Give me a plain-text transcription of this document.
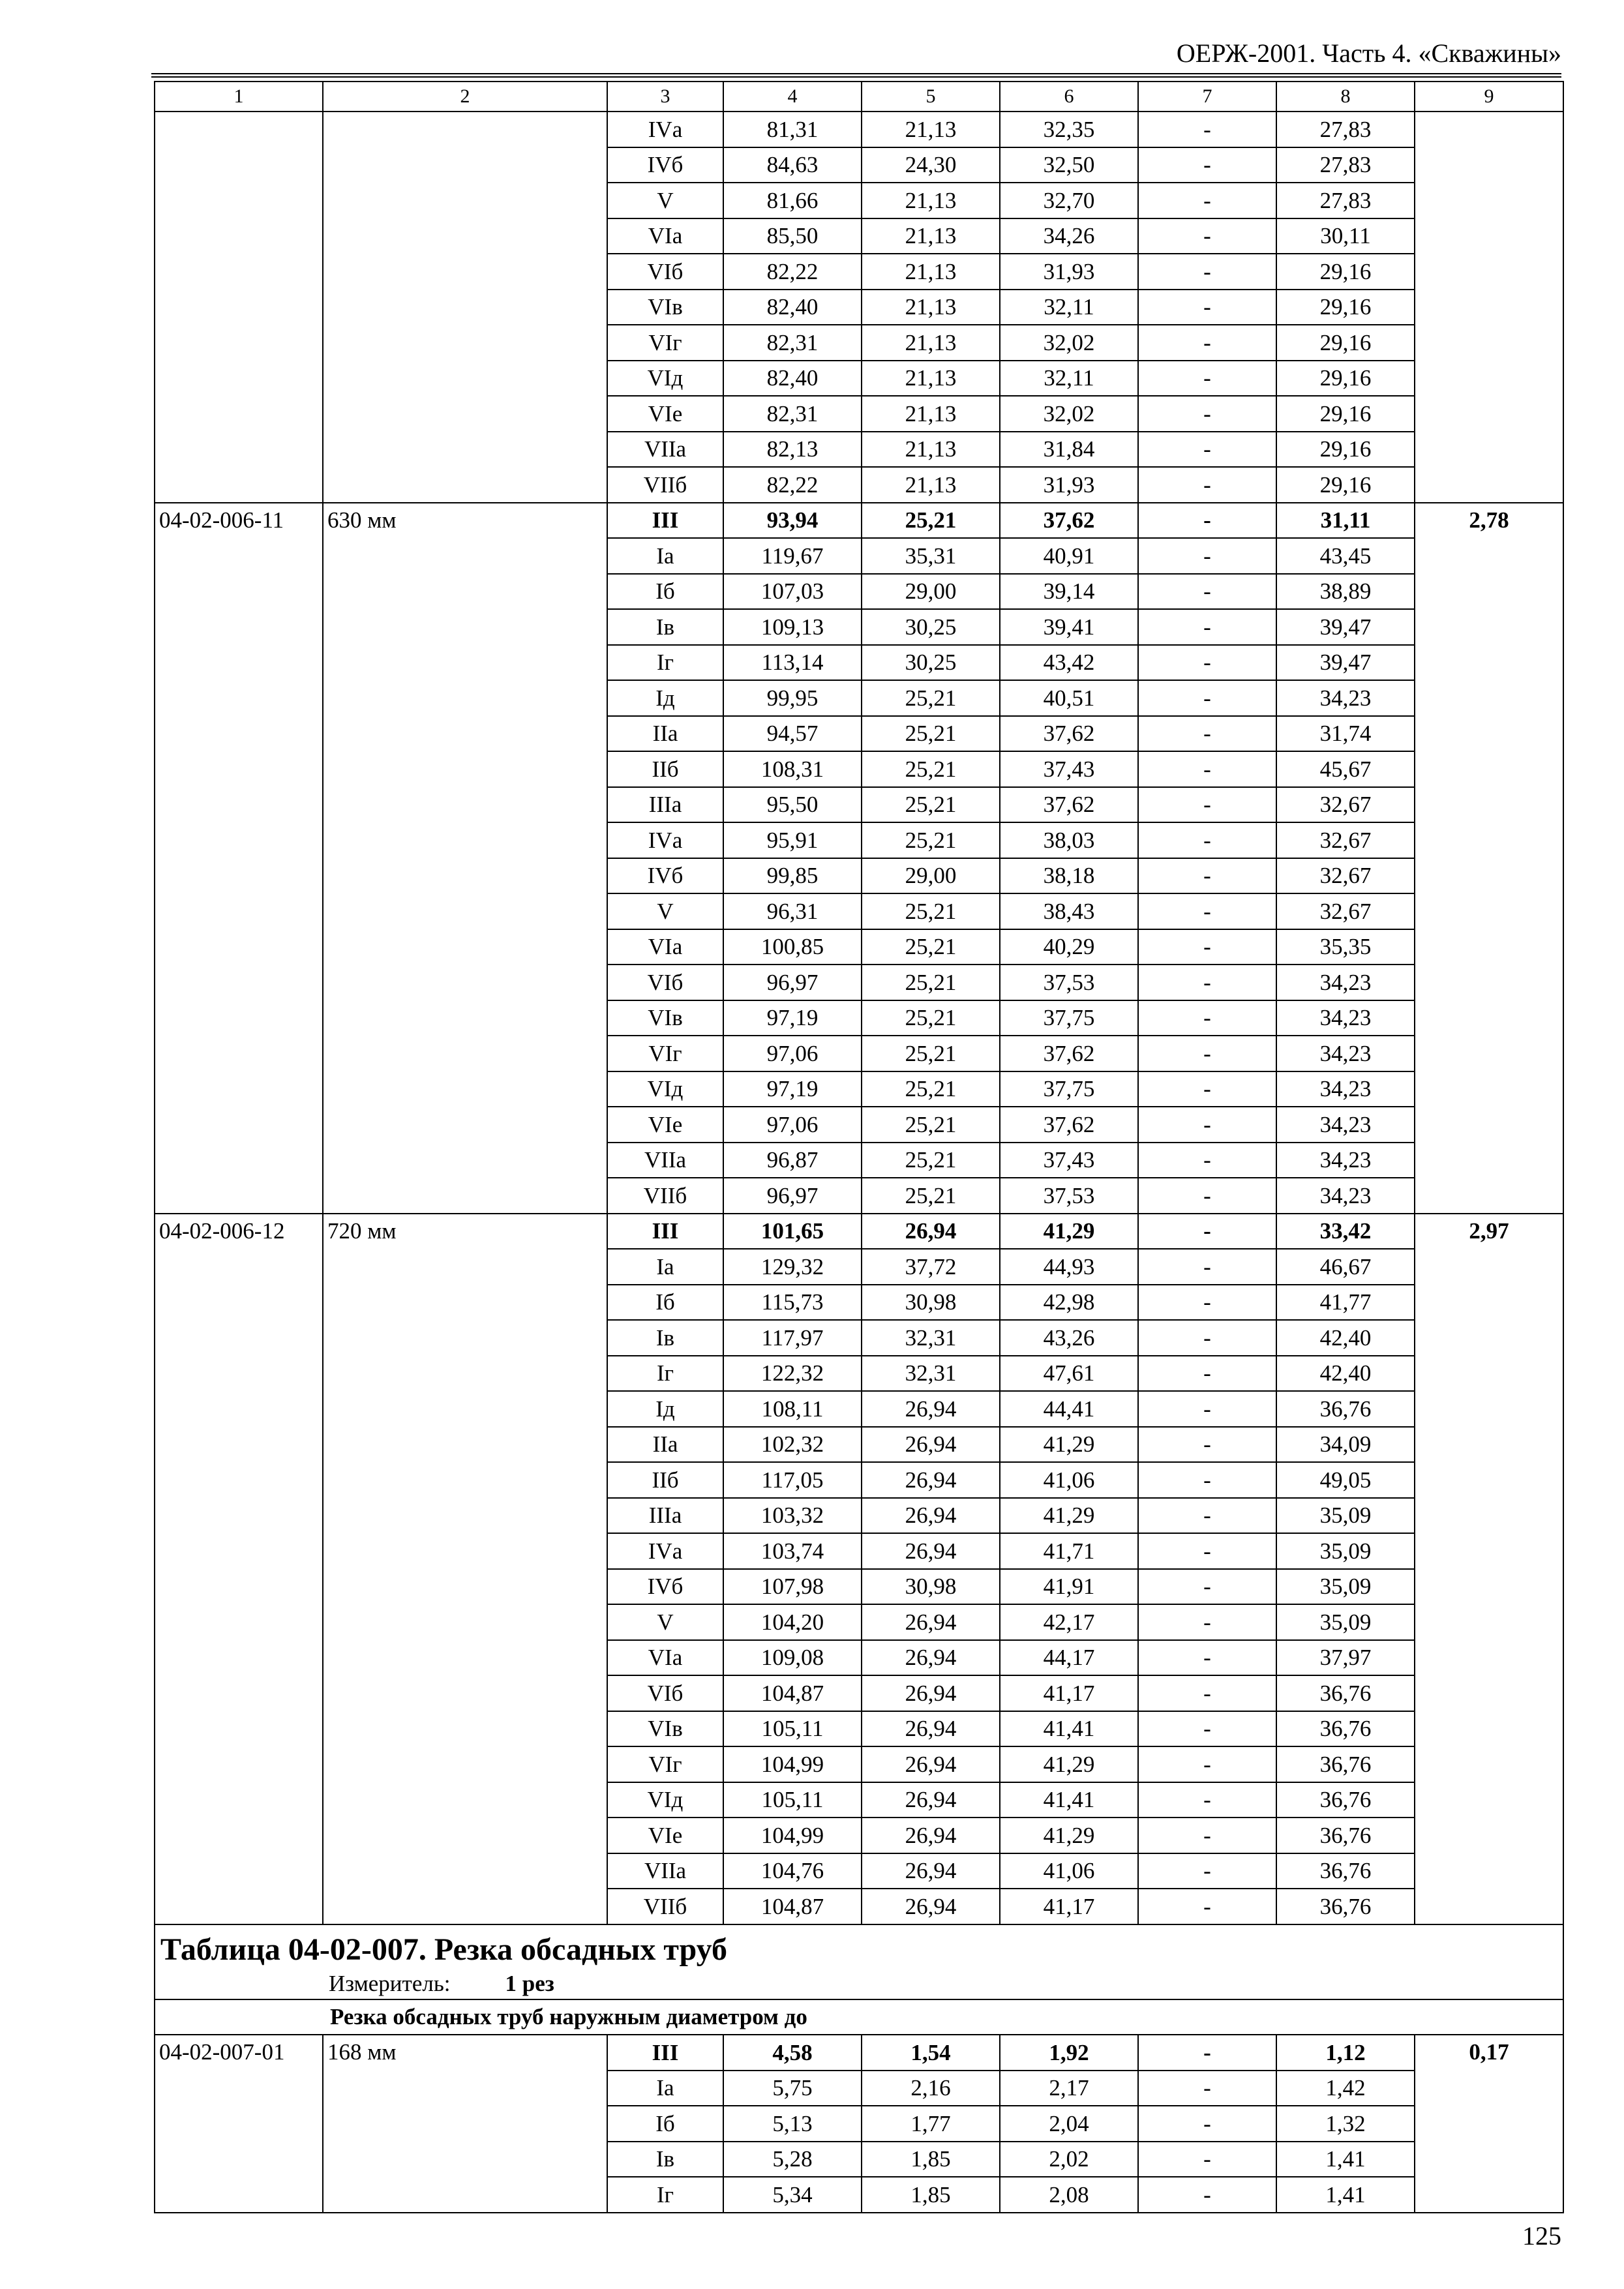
ОЕРЖ-2001. Часть 4. «Скважины»
1	2	3	4	5	6	7	8	9
		IVа	81,31	21,13	32,35	-	27,83	
		IVб	84,63	24,30	32,50	-	27,83	
		V	81,66	21,13	32,70	-	27,83	
		VIа	85,50	21,13	34,26	-	30,11	
		VIб	82,22	21,13	31,93	-	29,16	
		VIв	82,40	21,13	32,11	-	29,16	
		VIг	82,31	21,13	32,02	-	29,16	
		VIд	82,40	21,13	32,11	-	29,16	
		VIе	82,31	21,13	32,02	-	29,16	
		VIIа	82,13	21,13	31,84	-	29,16	
		VIIб	82,22	21,13	31,93	-	29,16	
04-02-006-11	630 мм	III	93,94	25,21	37,62	-	31,11	2,78
		Iа	119,67	35,31	40,91	-	43,45	
		Iб	107,03	29,00	39,14	-	38,89	
		Iв	109,13	30,25	39,41	-	39,47	
		Iг	113,14	30,25	43,42	-	39,47	
		Iд	99,95	25,21	40,51	-	34,23	
		IIа	94,57	25,21	37,62	-	31,74	
		IIб	108,31	25,21	37,43	-	45,67	
		IIIа	95,50	25,21	37,62	-	32,67	
		IVа	95,91	25,21	38,03	-	32,67	
		IVб	99,85	29,00	38,18	-	32,67	
		V	96,31	25,21	38,43	-	32,67	
		VIа	100,85	25,21	40,29	-	35,35	
		VIб	96,97	25,21	37,53	-	34,23	
		VIв	97,19	25,21	37,75	-	34,23	
		VIг	97,06	25,21	37,62	-	34,23	
		VIд	97,19	25,21	37,75	-	34,23	
		VIе	97,06	25,21	37,62	-	34,23	
		VIIа	96,87	25,21	37,43	-	34,23	
		VIIб	96,97	25,21	37,53	-	34,23	
04-02-006-12	720 мм	III	101,65	26,94	41,29	-	33,42	2,97
		Iа	129,32	37,72	44,93	-	46,67	
		Iб	115,73	30,98	42,98	-	41,77	
		Iв	117,97	32,31	43,26	-	42,40	
		Iг	122,32	32,31	47,61	-	42,40	
		Iд	108,11	26,94	44,41	-	36,76	
		IIа	102,32	26,94	41,29	-	34,09	
		IIб	117,05	26,94	41,06	-	49,05	
		IIIа	103,32	26,94	41,29	-	35,09	
		IVа	103,74	26,94	41,71	-	35,09	
		IVб	107,98	30,98	41,91	-	35,09	
		V	104,20	26,94	42,17	-	35,09	
		VIа	109,08	26,94	44,17	-	37,97	
		VIб	104,87	26,94	41,17	-	36,76	
		VIв	105,11	26,94	41,41	-	36,76	
		VIг	104,99	26,94	41,29	-	36,76	
		VIд	105,11	26,94	41,41	-	36,76	
		VIе	104,99	26,94	41,29	-	36,76	
		VIIа	104,76	26,94	41,06	-	36,76	
		VIIб	104,87	26,94	41,17	-	36,76	

Таблица 04-02-007. Резка обсадных труб
Измеритель: 1 рез								

Резка обсадных труб наружным диаметром до								
04-02-007-01	168 мм	III	4,58	1,54	1,92	-	1,12	0,17
		Iа	5,75	2,16	2,17	-	1,42	
		Iб	5,13	1,77	2,04	-	1,32	
		Iв	5,28	1,85	2,02	-	1,41	
		Iг	5,34	1,85	2,08	-	1,41	
125
